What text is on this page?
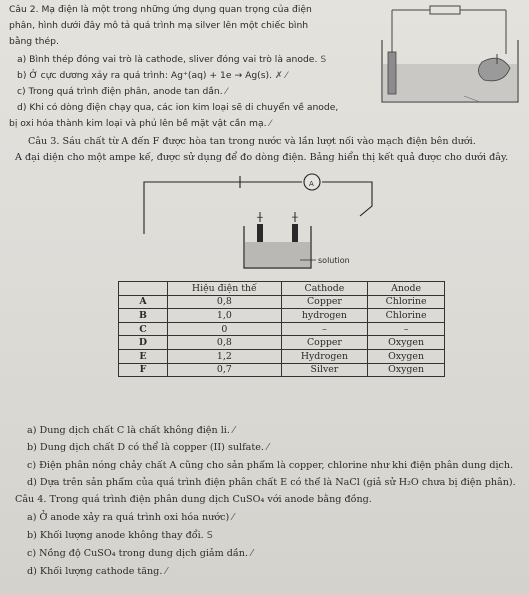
Câu 2. Mạ điện là một trong những ứng dụng quan trọng của điện
phân, hình dưới đây mô tả quá trình mạ silver lên một chiếc bình
bằng thép.
a) Bình thép đóng vai trò là cathode, sliver đóng vai trò là anode. S
b) Ở cực dương xảy ra quá trình: Ag⁺(aq) + 1e → Ag(s). ✗ ⁄
c) Trong quá trình điện phân, anode tan dần. ⁄
d) Khi có dòng điện chạy qua, các ion kim loại sẽ di chuyển về anode,
bị oxi hóa thành kim loại và phủ lên bề mặt vật cần mạ. ⁄
Câu 3. Sáu chất từ A đến F được hòa tan trong nước và lần lượt nối vào mạch điện bên dưới.
A đại diện cho một ampe kế, được sử dụng để đo dòng điện. Bảng hiển thị kết quả được cho dưới đây.
A
+	−
solution
	Hiệu điện thế	Cathode	Anode
A	0,8	Copper	Chlorine
B	1,0	hydrogen	Chlorine
C	0	–	–
D	0,8	Copper	Oxygen
E	1,2	Hydrogen	Oxygen
F	0,7	Silver	Oxygen
a) Dung dịch chất C là chất không điện li. ⁄
b) Dung dịch chất D có thể là copper (II) sulfate. ⁄
c) Điện phân nóng chảy chất A cũng cho sản phẩm là copper, chlorine như khi điện phân dung dịch.
d) Dựa trên sản phẩm của quá trình điện phân chất E có thể là NaCl (giả sử H₂O chưa bị điện phân).
Câu 4. Trong quá trình điện phân dung dịch CuSO₄ với anode bằng đồng.
a) Ở anode xảy ra quá trình oxi hóa nước) ⁄
b) Khối lượng anode không thay đổi. S
c) Nồng độ CuSO₄ trong dung dịch giảm dần. ⁄
d) Khối lượng cathode tăng. ⁄
